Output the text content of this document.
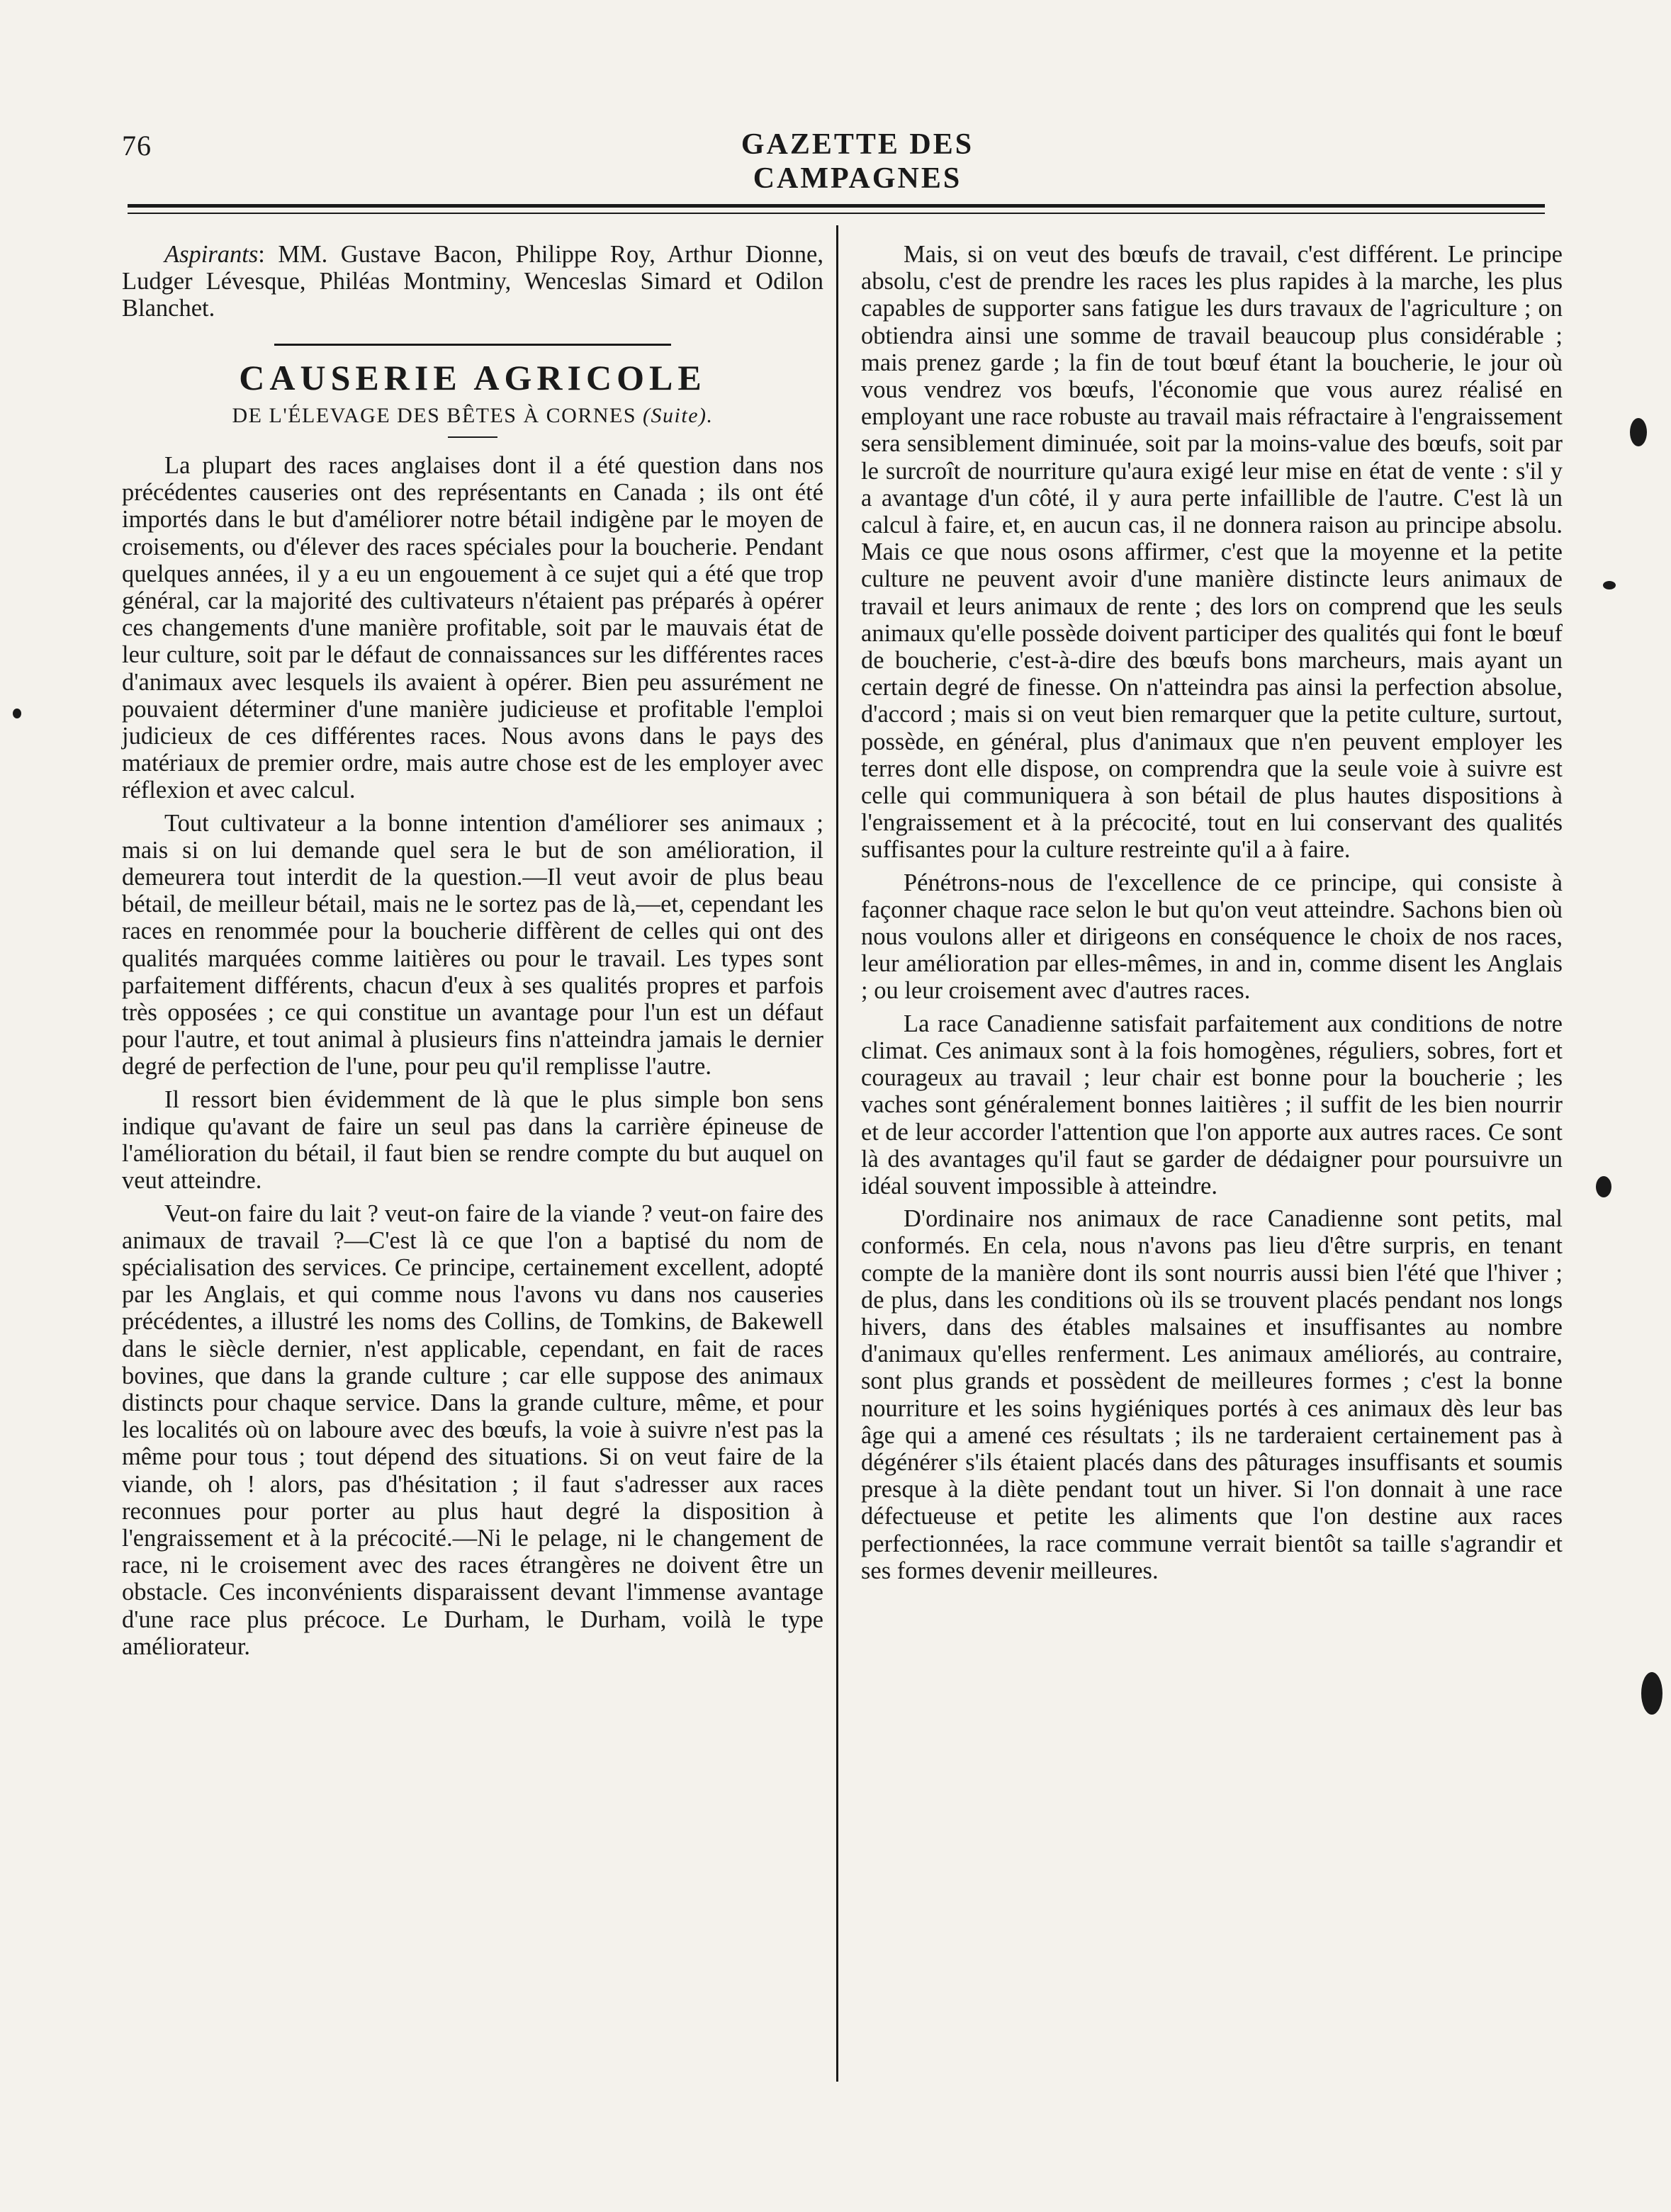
76	GAZETTE DES CAMPAGNES

Aspirants: MM. Gustave Bacon, Philippe Roy, Arthur Dionne, Ludger Lévesque, Philéas Montminy, Wenceslas Simard et Odilon Blanchet.

CAUSERIE AGRICOLE
DE L'ÉLEVAGE DES BÊTES À CORNES (Suite).

La plupart des races anglaises dont il a été question dans nos précédentes causeries ont des représentants en Canada ; ils ont été importés dans le but d'améliorer notre bétail indigène par le moyen de croisements, ou d'élever des races spéciales pour la boucherie. Pendant quelques années, il y a eu un engouement à ce sujet qui a été que trop général, car la majorité des cultivateurs n'étaient pas préparés à opérer ces changements d'une manière profitable, soit par le mauvais état de leur culture, soit par le défaut de connaissances sur les différentes races d'animaux avec lesquels ils avaient à opérer. Bien peu assurément ne pouvaient déterminer d'une manière judicieuse et profitable l'emploi judicieux de ces différentes races. Nous avons dans le pays des matériaux de premier ordre, mais autre chose est de les employer avec réflexion et avec calcul.

Tout cultivateur a la bonne intention d'améliorer ses animaux ; mais si on lui demande quel sera le but de son amélioration, il demeurera tout interdit de la question.—Il veut avoir de plus beau bétail, de meilleur bétail, mais ne le sortez pas de là,—et, cependant les races en renommée pour la boucherie diffèrent de celles qui ont des qualités marquées comme laitières ou pour le travail. Les types sont parfaitement différents, chacun d'eux à ses qualités propres et parfois très opposées ; ce qui constitue un avantage pour l'un est un défaut pour l'autre, et tout animal à plusieurs fins n'atteindra jamais le dernier degré de perfection de l'une, pour peu qu'il remplisse l'autre.

Il ressort bien évidemment de là que le plus simple bon sens indique qu'avant de faire un seul pas dans la carrière épineuse de l'amélioration du bétail, il faut bien se rendre compte du but auquel on veut atteindre.

Veut-on faire du lait ? veut-on faire de la viande ? veut-on faire des animaux de travail ?—C'est là ce que l'on a baptisé du nom de spécialisation des services. Ce principe, certainement excellent, adopté par les Anglais, et qui comme nous l'avons vu dans nos causeries précédentes, a illustré les noms des Collins, de Tomkins, de Bakewell dans le siècle dernier, n'est applicable, cependant, en fait de races bovines, que dans la grande culture ; car elle suppose des animaux distincts pour chaque service. Dans la grande culture, même, et pour les localités où on laboure avec des bœufs, la voie à suivre n'est pas la même pour tous ; tout dépend des situations. Si on veut faire de la viande, oh ! alors, pas d'hésitation ; il faut s'adresser aux races reconnues pour porter au plus haut degré la disposition à l'engraissement et à la précocité.—Ni le pelage, ni le changement de race, ni le croisement avec des races étrangères ne doivent être un obstacle. Ces inconvénients disparaissent devant l'immense avantage d'une race plus précoce. Le Durham, le Durham, voilà le type améliorateur.

Mais, si on veut des bœufs de travail, c'est différent. Le principe absolu, c'est de prendre les races les plus rapides à la marche, les plus capables de supporter sans fatigue les durs travaux de l'agriculture ; on obtiendra ainsi une somme de travail beaucoup plus considérable ; mais prenez garde ; la fin de tout bœuf étant la boucherie, le jour où vous vendrez vos bœufs, l'économie que vous aurez réalisé en employant une race robuste au travail mais réfractaire à l'engraissement sera sensiblement diminuée, soit par la moins-value des bœufs, soit par le surcroît de nourriture qu'aura exigé leur mise en état de vente : s'il y a avantage d'un côté, il y aura perte infaillible de l'autre. C'est là un calcul à faire, et, en aucun cas, il ne donnera raison au principe absolu. Mais ce que nous osons affirmer, c'est que la moyenne et la petite culture ne peuvent avoir d'une manière distincte leurs animaux de travail et leurs animaux de rente ; des lors on comprend que les seuls animaux qu'elle possède doivent participer des qualités qui font le bœuf de boucherie, c'est-à-dire des bœufs bons marcheurs, mais ayant un certain degré de finesse. On n'atteindra pas ainsi la perfection absolue, d'accord ; mais si on veut bien remarquer que la petite culture, surtout, possède, en général, plus d'animaux que n'en peuvent employer les terres dont elle dispose, on comprendra que la seule voie à suivre est celle qui communiquera à son bétail de plus hautes dispositions à l'engraissement et à la précocité, tout en lui conservant des qualités suffisantes pour la culture restreinte qu'il a à faire.

Pénétrons-nous de l'excellence de ce principe, qui consiste à façonner chaque race selon le but qu'on veut atteindre. Sachons bien où nous voulons aller et dirigeons en conséquence le choix de nos races, leur amélioration par elles-mêmes, in and in, comme disent les Anglais ; ou leur croisement avec d'autres races.

La race Canadienne satisfait parfaitement aux conditions de notre climat. Ces animaux sont à la fois homogènes, réguliers, sobres, fort et courageux au travail ; leur chair est bonne pour la boucherie ; les vaches sont généralement bonnes laitières ; il suffit de les bien nourrir et de leur accorder l'attention que l'on apporte aux autres races. Ce sont là des avantages qu'il faut se garder de dédaigner pour poursuivre un idéal souvent impossible à atteindre.

D'ordinaire nos animaux de race Canadienne sont petits, mal conformés. En cela, nous n'avons pas lieu d'être surpris, en tenant compte de la manière dont ils sont nourris aussi bien l'été que l'hiver ; de plus, dans les conditions où ils se trouvent placés pendant nos longs hivers, dans des étables malsaines et insuffisantes au nombre d'animaux qu'elles renferment. Les animaux améliorés, au contraire, sont plus grands et possèdent de meilleures formes ; c'est la bonne nourriture et les soins hygiéniques portés à ces animaux dès leur bas âge qui a amené ces résultats ; ils ne tarderaient certainement pas à dégénérer s'ils étaient placés dans des pâturages insuffisants et soumis presque à la diète pendant tout un hiver. Si l'on donnait à une race défectueuse et petite les aliments que l'on destine aux races perfectionnées, la race commune verrait bientôt sa taille s'agrandir et ses formes devenir meilleures.
